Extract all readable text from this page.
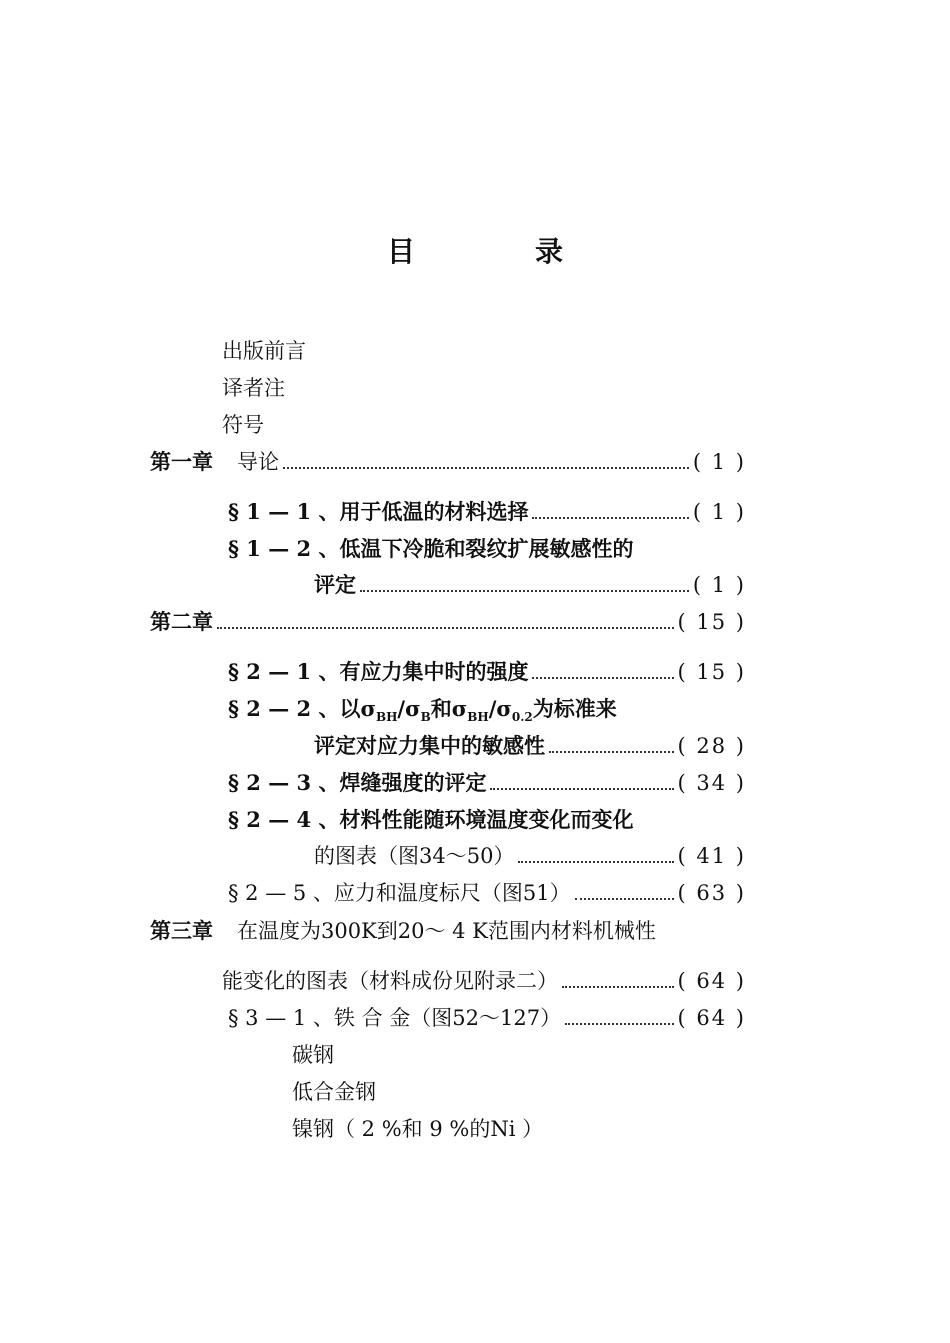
目	录
出版前言
译者注
符号
第一章 导论	( 1 )
§ 1 — 1 、用于低温的材料选择	( 1 )
§ 1 — 2 、低温下冷脆和裂纹扩展敏感性的
评定	( 1 )
第二章	( 15 )
§ 2 — 1 、有应力集中时的强度	( 15 )
§ 2 — 2 、以$\sigma_{BH}/\sigma_B$和$\sigma_{BH}/\sigma_{0.2}$为标准来
评定对应力集中的敏感性	( 28 )
§ 2 — 3 、焊缝强度的评定	( 34 )
§ 2 — 4 、材料性能随环境温度变化而变化
的图表（图34～50）	( 41 )
§ 2 — 5 、应力和温度标尺（图51）	( 63 )
第三章 在温度为300K到20～ 4 K范围内材料机械性
能变化的图表（材料成份见附录二）	( 64 )
§ 3 — 1 、铁 合 金（图52～127）	( 64 )
碳钢
低合金钢
镍钢（ 2 %和 9 %的Ni ）
